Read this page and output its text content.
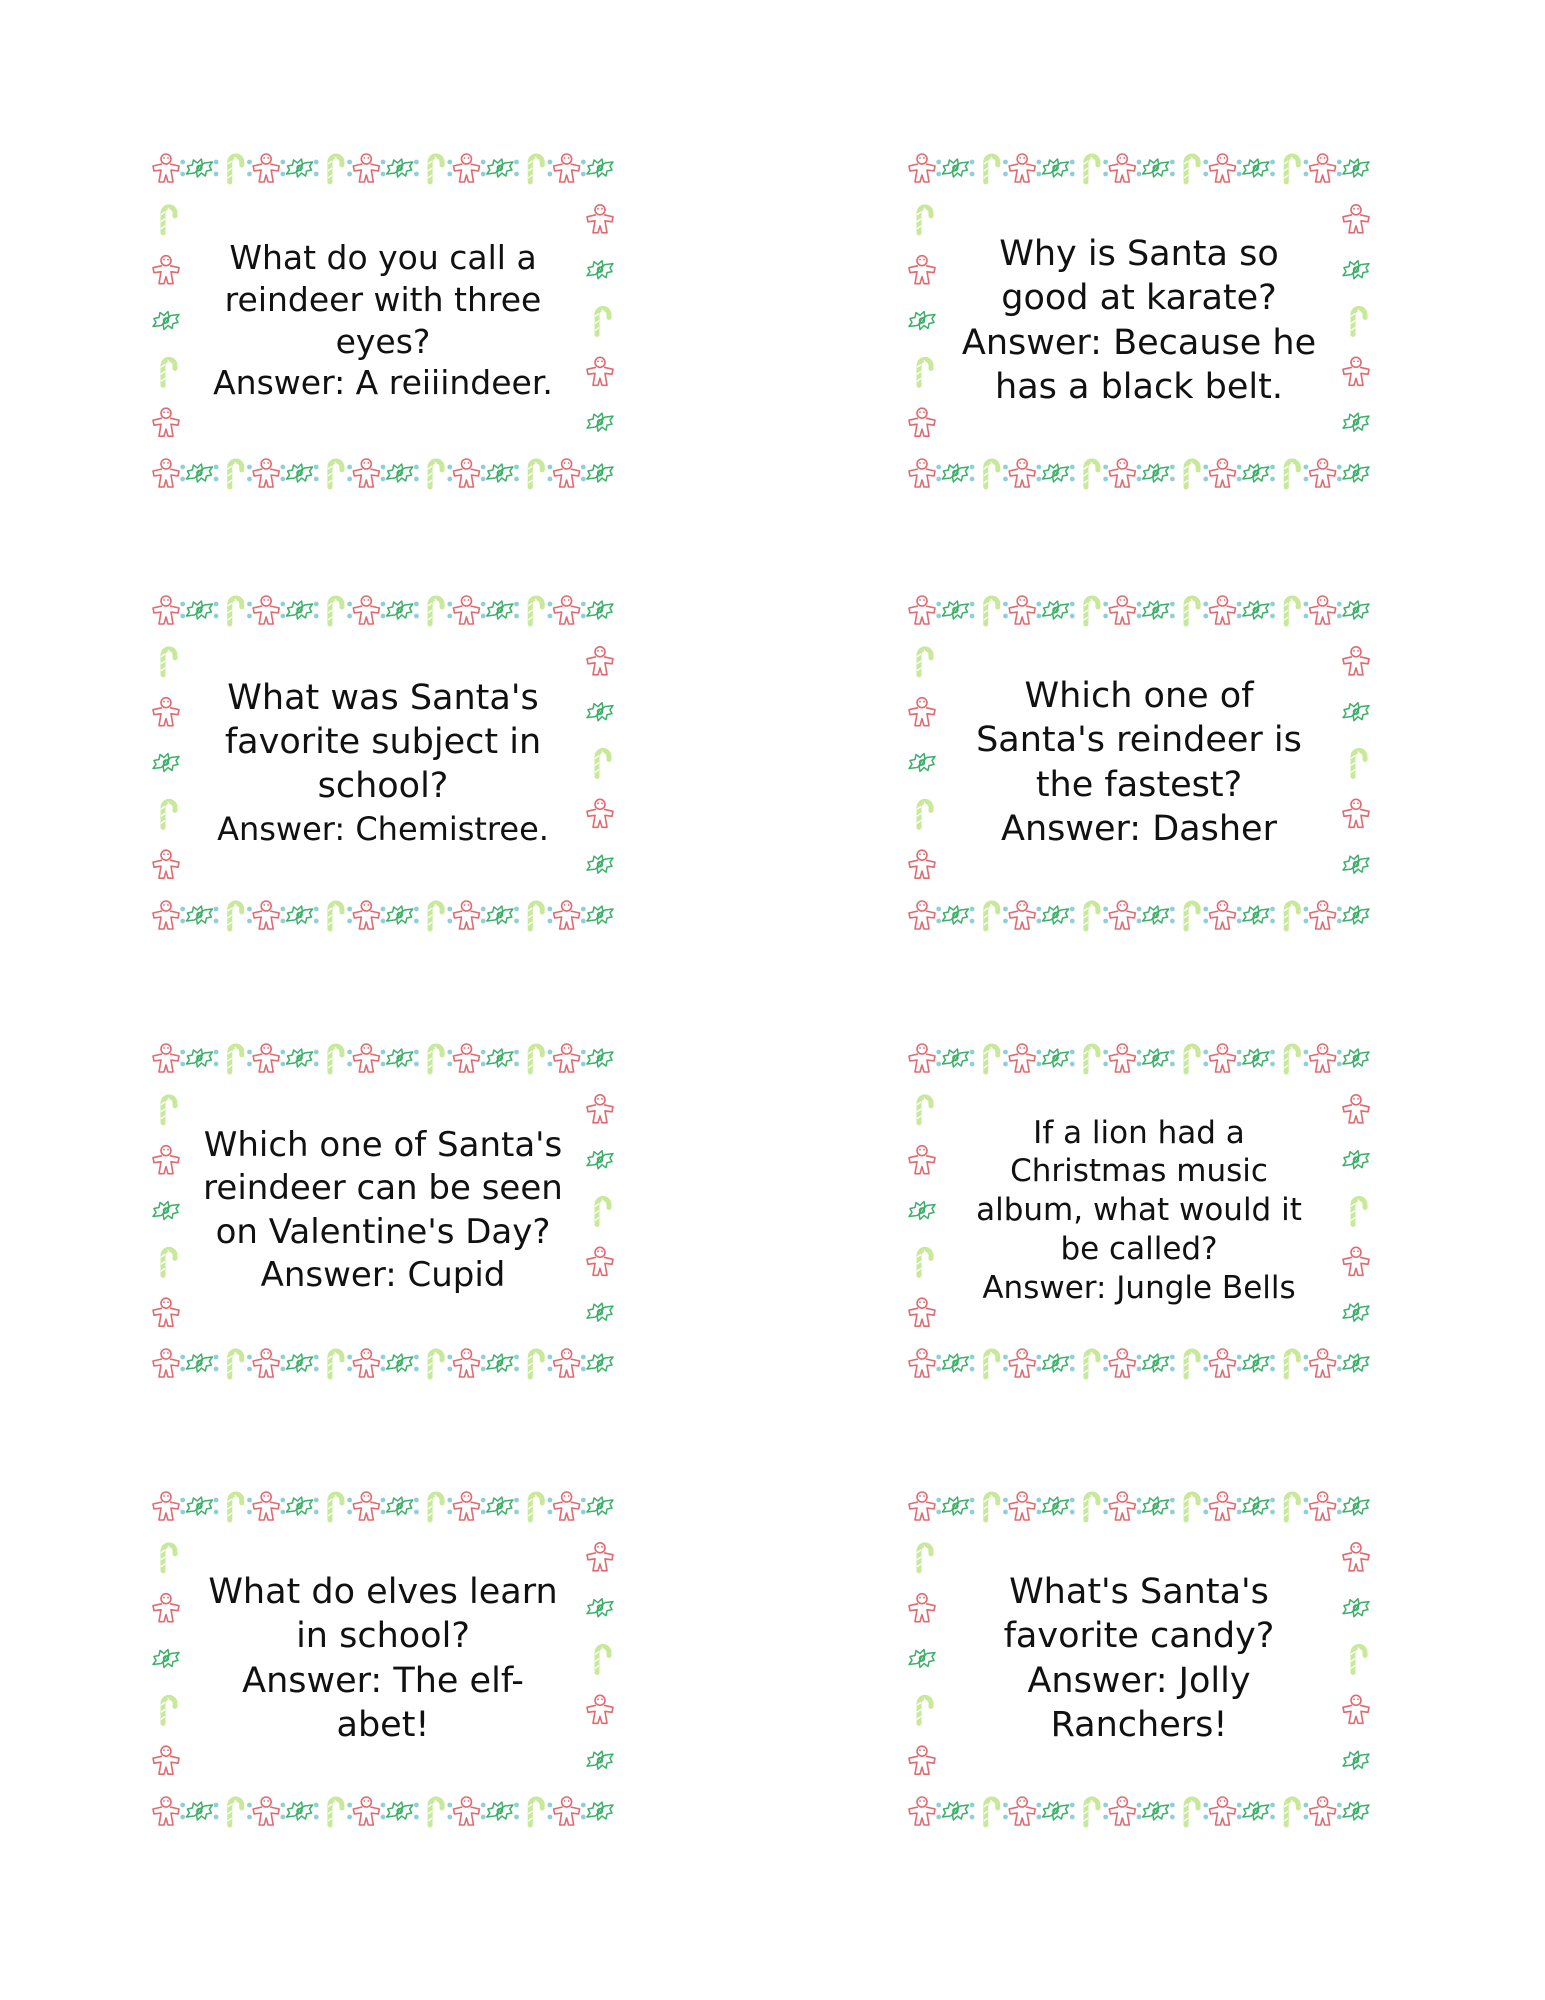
What do you call a reindeer with three eyes?
Answer: A reiiindeer.
Why is Santa so good at karate?
Answer: Because he has a black belt.
What was Santa's favorite subject in school?
Answer: Chemistree.
Which one of Santa's reindeer is the fastest?
Answer: Dasher
Which one of Santa's reindeer can be seen on Valentine's Day?
Answer: Cupid
If a lion had a Christmas music album, what would it be called?
Answer: Jungle Bells
What do elves learn in school?
Answer: The elf-abet!
What's Santa's favorite candy?
Answer: Jolly Ranchers!
